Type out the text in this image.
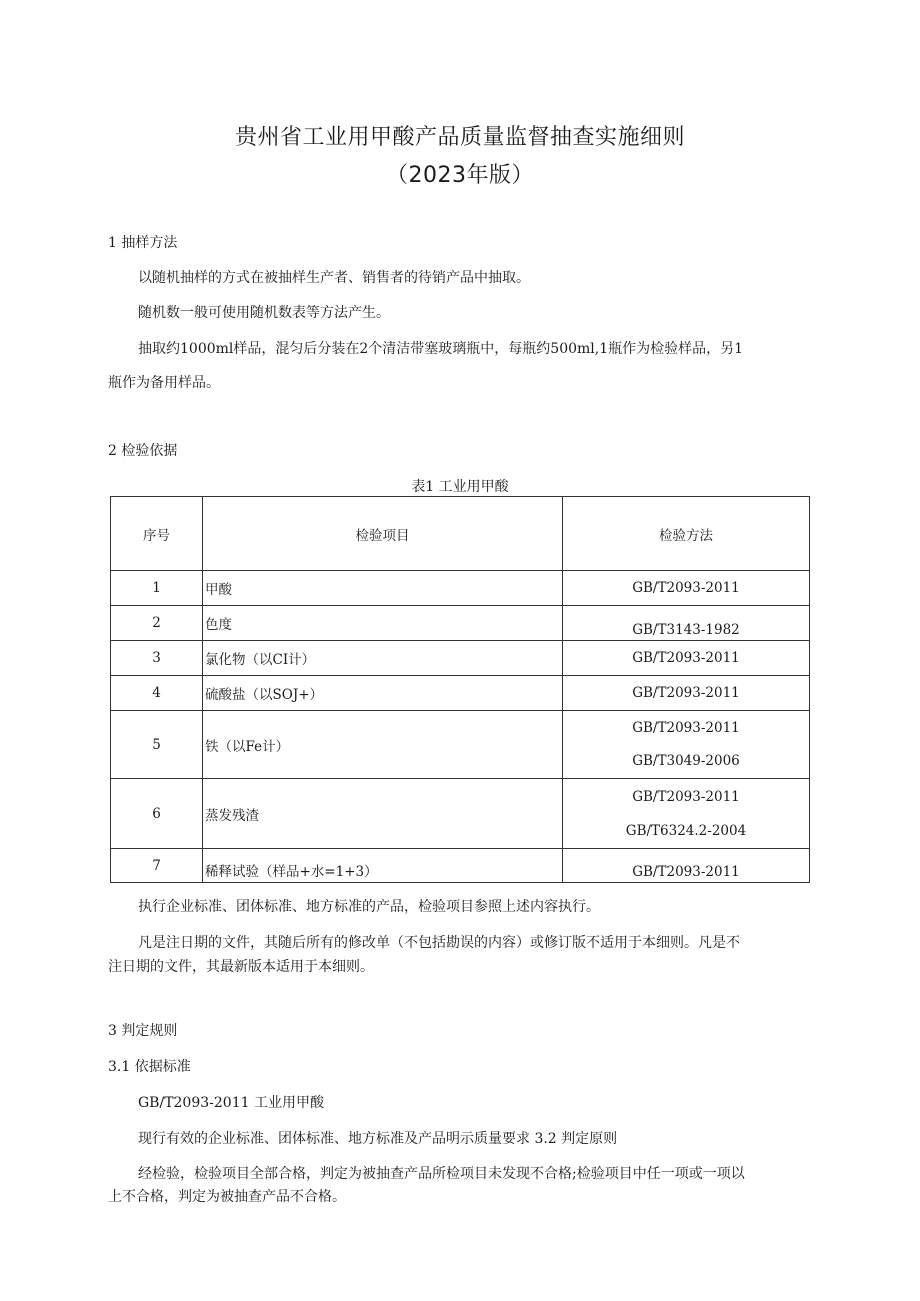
贵州省工业用甲酸产品质量监督抽查实施细则
（2023年版）
1 抽样方法
以随机抽样的方式在被抽样生产者、销售者的待销产品中抽取。
随机数一般可使用随机数表等方法产生。
抽取约1000ml样品，混匀后分装在2个清洁带塞玻璃瓶中，每瓶约500ml,1瓶作为检验样品，另1
瓶作为备用样品。
2 检验依据
表1 工业用甲酸
序号	检验项目	检验方法
1	甲酸	GB/T2093-2011
2	色度	GB/T3143-1982
3	氯化物（以CI计）	GB/T2093-2011
4	硫酸盐（以SOJ+）	GB/T2093-2011
5	铁（以Fe计）	GB/T2093-2011
GB/T3049-2006

6	蒸发残渣	GB/T2093-2011
GB/T6324.2-2004

7	稀释试验（样品+水=1+3）	GB/T2093-2011
执行企业标准、团体标准、地方标准的产品，检验项目参照上述内容执行。
凡是注日期的文件，其随后所有的修改单（不包括勘误的内容）或修订版不适用于本细则。凡是不
注日期的文件，其最新版本适用于本细则。
3 判定规则
3.1 依据标准
GB/T2093-2011 工业用甲酸
现行有效的企业标准、团体标准、地方标准及产品明示质量要求 3.2 判定原则
经检验，检验项目全部合格，判定为被抽查产品所检项目未发现不合格;检验项目中任一项或一项以
上不合格，判定为被抽查产品不合格。
